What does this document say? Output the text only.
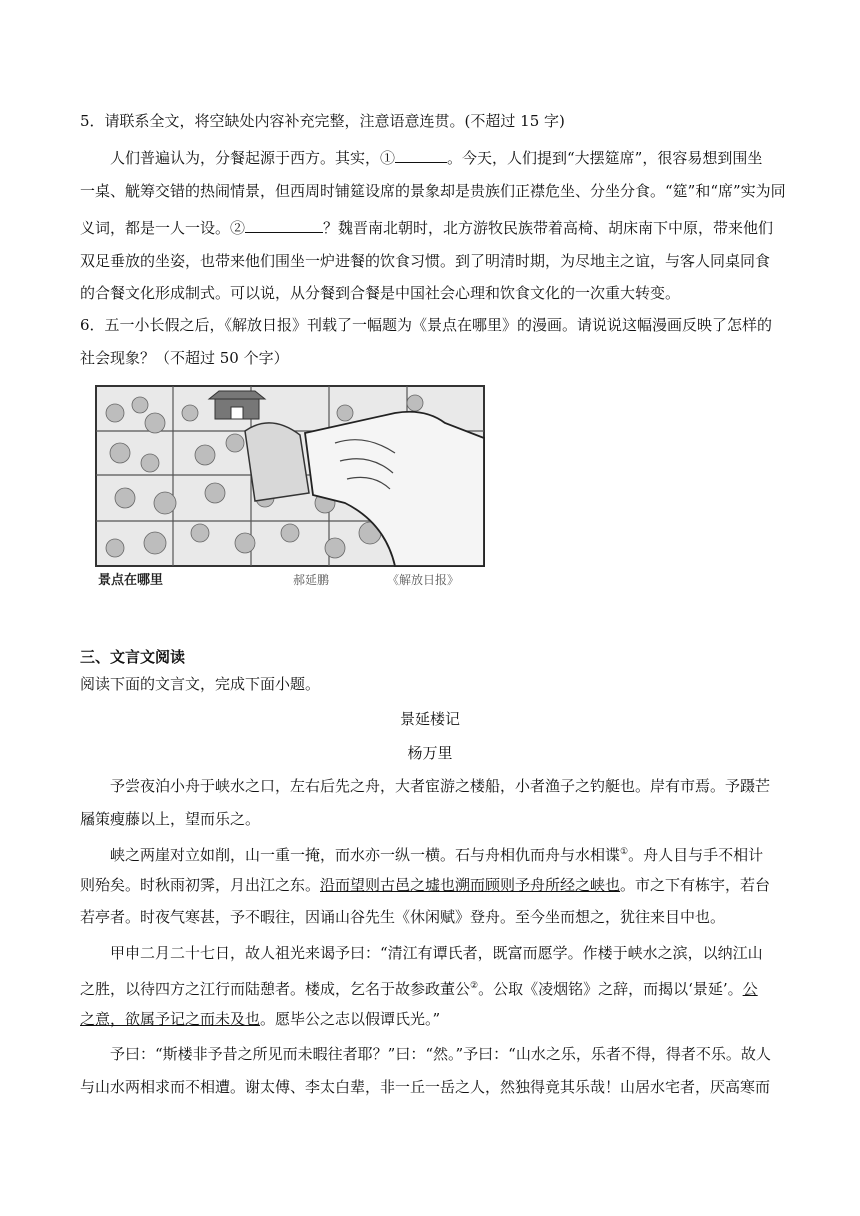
5．请联系全文，将空缺处内容补充完整，注意语意连贯。(不超过 15 字)
人们普遍认为，分餐起源于西方。其实，①	。今天，人们提到“大摆筵席”，很容易想到围坐
一桌、觥筹交错的热闹情景，但西周时铺筵设席的景象却是贵族们正襟危坐、分坐分食。“筵”和“席”实为同
义词，都是一人一设。②	？魏晋南北朝时，北方游牧民族带着高椅、胡床南下中原，带来他们
双足垂放的坐姿，也带来他们围坐一炉进餐的饮食习惯。到了明清时期，为尽地主之谊，与客人同桌同食
的合餐文化形成制式。可以说，从分餐到合餐是中国社会心理和饮食文化的一次重大转变。
6．五一小长假之后，《解放日报》刊载了一幅题为《景点在哪里》的漫画。请说说这幅漫画反映了怎样的
社会现象？（不超过 50 个字）
景点在哪里	郝延鹏	《解放日报》
三、文言文阅读
阅读下面的文言文，完成下面小题。
景延楼记
杨万里
予尝夜泊小舟于峡水之口，左右后先之舟，大者宦游之楼船，小者渔子之钓艇也。岸有市焉。予蹑芒
屩策瘦藤以上，望而乐之。
峡之两崖对立如削，山一重一掩，而水亦一纵一横。石与舟相仇而舟与水相谍①。舟人目与手不相计
则殆矣。时秋雨初霁，月出江之东。沿而望则古邑之墟也溯而顾则予舟所经之峡也。市之下有栋宇，若台
若亭者。时夜气寒甚，予不暇往，因诵山谷先生《休闲赋》登舟。至今坐而想之，犹往来目中也。
甲申二月二十七日，故人祖光来谒予曰：“清江有谭氏者，既富而愿学。作楼于峡水之滨，以纳江山
之胜，以待四方之江行而陆憩者。楼成，乞名于故参政董公②。公取《凌烟铭》之辞，而揭以‘景延’。公
之意，欲属予记之而未及也。愿毕公之志以假谭氏光。”
予曰：“斯楼非予昔之所见而未暇往者耶？”曰：“然。”予曰：“山水之乐，乐者不得，得者不乐。故人
与山水两相求而不相遭。谢太傅、李太白辈，非一丘一岳之人，然独得竟其乐哉！山居水宅者，厌高寒而
